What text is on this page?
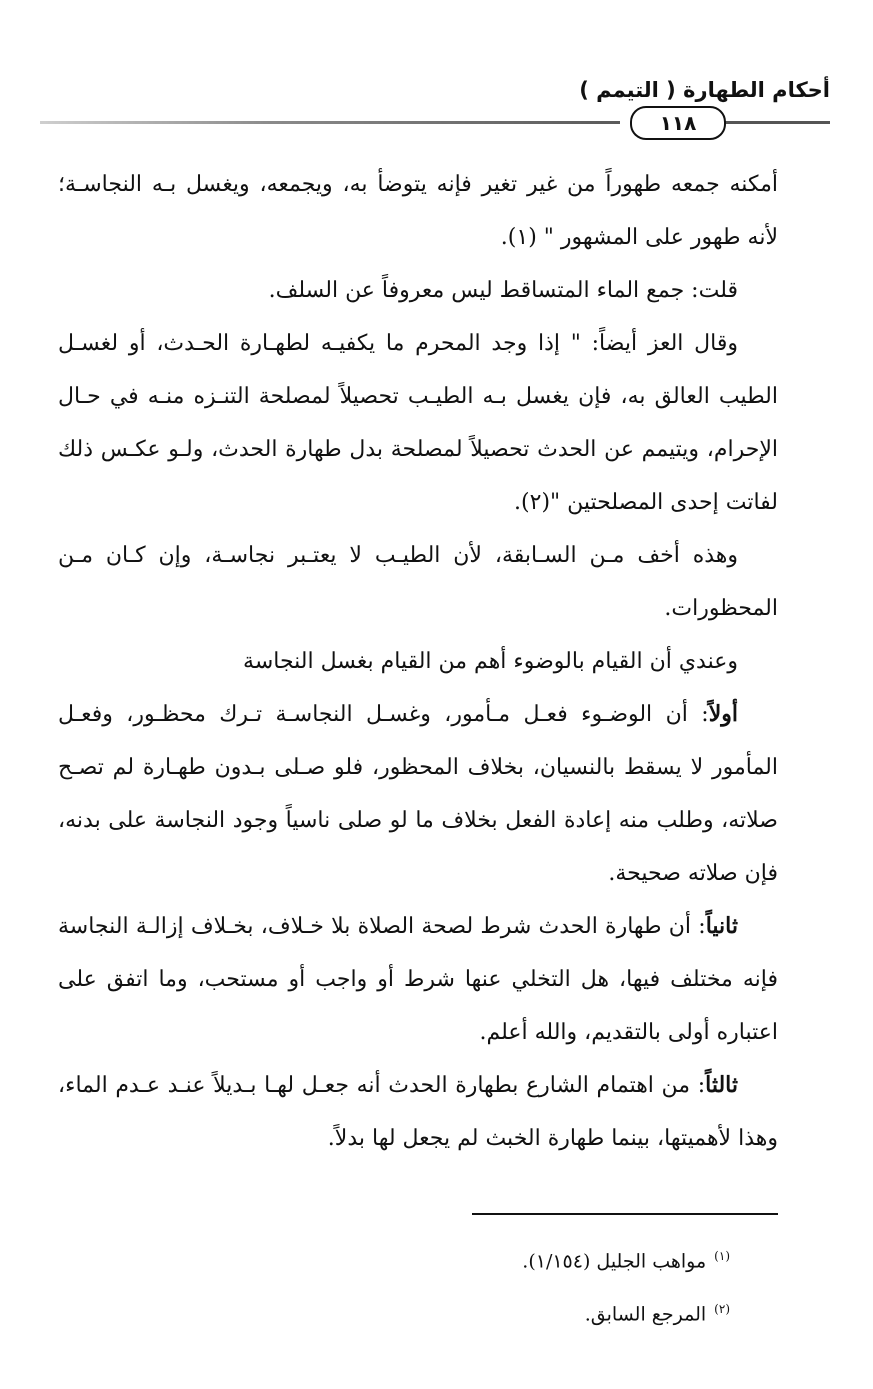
أحكام الطهارة ( التيمم )
١١٨

أمكنه جمعه طهوراً من غير تغير فإنه يتوضأ به، ويجمعه، ويغسل بـه النجاسـة؛ لأنه طهور على المشهور " (١).

قلت: جمع الماء المتساقط ليس معروفاً عن السلف.

وقال العز أيضاً: " إذا وجد المحرم ما يكفيـه لطهـارة الحـدث، أو لغسـل الطيب العالق به، فإن يغسل بـه الطيـب تحصيلاً لمصلحة التنـزه منـه في حـال الإحرام، ويتيمم عن الحدث تحصيلاً لمصلحة بدل طهارة الحدث، ولـو عكـس ذلك لفاتت إحدى المصلحتين "(٢).

وهذه أخف مـن السـابقة، لأن الطيـب لا يعتـبر نجاسـة، وإن كـان مـن المحظورات.

وعندي أن القيام بالوضوء أهم من القيام بغسل النجاسة

أولاً: أن الوضـوء فعـل مـأمور، وغسـل النجاسـة تـرك محظـور، وفعـل المأمور لا يسقط بالنسيان، بخلاف المحظور، فلو صـلى بـدون طهـارة لم تصـح صلاته، وطلب منه إعادة الفعل بخلاف ما لو صلى ناسياً وجود النجاسة على بدنه، فإن صلاته صحيحة.

ثانياً: أن طهارة الحدث شرط لصحة الصلاة بلا خـلاف، بخـلاف إزالـة النجاسة فإنه مختلف فيها، هل التخلي عنها شرط أو واجب أو مستحب، وما اتفق على اعتباره أولى بالتقديم، والله أعلم.

ثالثاً: من اهتمام الشارع بطهارة الحدث أنه جعـل لهـا بـديلاً عنـد عـدم الماء، وهذا لأهميتها، بينما طهارة الخبث لم يجعل لها بدلاً.

$^{(١)}$مواهب الجليل (١/١٥٤).

$^{(٢)}$المرجع السابق.
